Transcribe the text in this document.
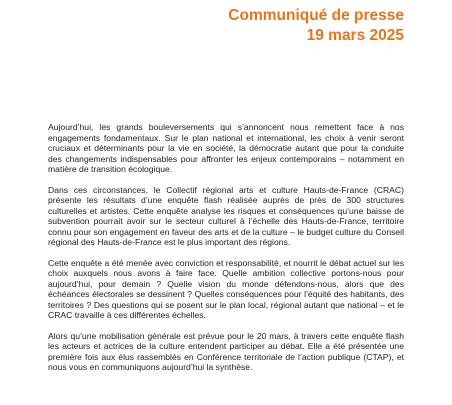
Communiqué de presse
19 mars 2025

Aujourd’hui, les grands bouleversements qui s’annoncent nous remettent face à nos engagements fondamentaux. Sur le plan national et international, les choix à venir seront cruciaux et déterminants pour la vie en société, la démocratie autant que pour la conduite des changements indispensables pour affronter les enjeux contemporains – notamment en matière de transition écologique.

Dans ces circonstances, le Collectif régional arts et culture Hauts-de-France (CRAC) présente les résultats d’une enquête flash réalisée auprès de près de 300 structures culturelles et artistes. Cette enquête analyse les risques et conséquences qu’une baisse de subvention pourrait avoir sur le secteur culturel à l’échelle des Hauts-de-France, territoire connu pour son engagement en faveur des arts et de la culture – le budget culture du Conseil régional des Hauts-de-France est le plus important des régions.

Cette enquête a été menée avec conviction et responsabilité, et nourrit le débat actuel sur les choix auxquels nous avons à faire face. Quelle ambition collective portons-nous pour aujourd’hui, pour demain ? Quelle vision du monde défendons-nous, alors que des échéances électorales se dessinent ? Quelles conséquences pour l’équité des habitants, des territoires ? Des questions qui se posent sur le plan local, régional autant que national – et le CRAC travaille à ces différentes échelles.

Alors qu’une mobilisation générale est prévue pour le 20 mars, à travers cette enquête flash les acteurs et actrices de la culture entendent participer au débat. Elle a été présentée une première fois aux élus rassemblés en Conférence territoriale de l’action publique (CTAP), et nous vous en communiquons aujourd’hui la synthèse.
